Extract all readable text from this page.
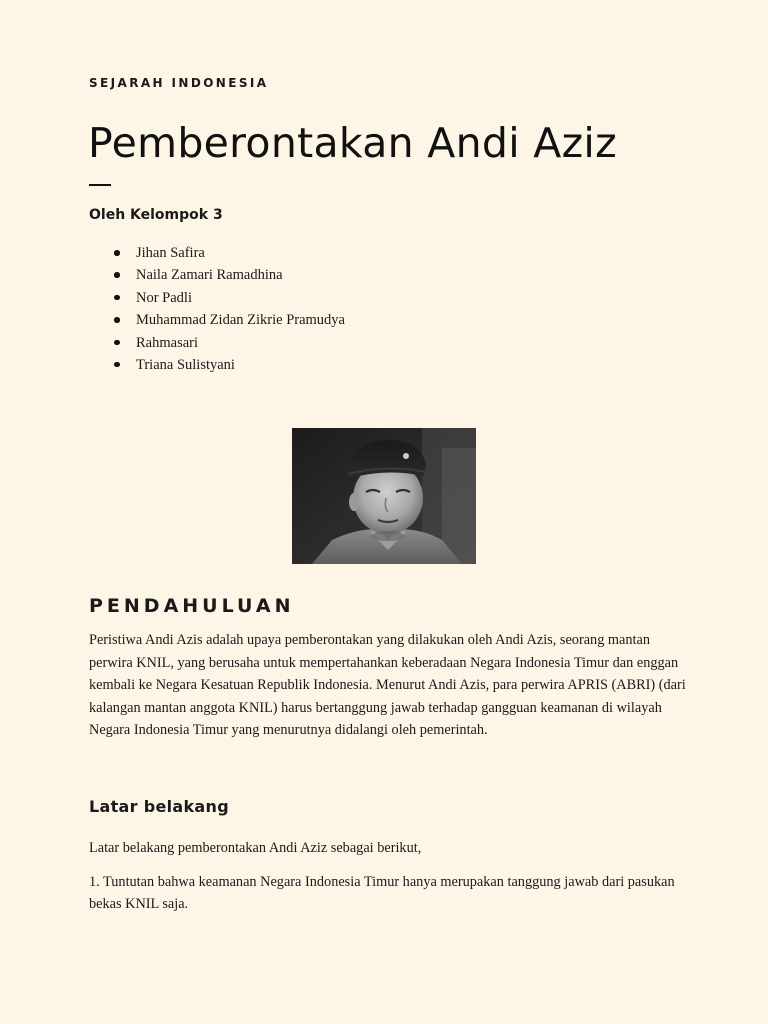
SEJARAH INDONESIA
Pemberontakan Andi Aziz
Oleh Kelompok 3
Jihan Safira
Naila Zamari Ramadhina
Nor Padli
Muhammad Zidan Zikrie Pramudya
Rahmasari
Triana Sulistyani
PENDAHULUAN

Peristiwa Andi Azis adalah upaya pemberontakan yang dilakukan oleh Andi Azis, seorang mantan perwira KNIL, yang berusaha untuk mempertahankan keberadaan Negara Indonesia Timur dan enggan kembali ke Negara Kesatuan Republik Indonesia. Menurut Andi Azis, para perwira APRIS (ABRI) (dari kalangan mantan anggota KNIL) harus bertanggung jawab terhadap gangguan keamanan di wilayah Negara Indonesia Timur yang menurutnya didalangi oleh pemerintah.

Latar belakang

Latar belakang pemberontakan Andi Aziz sebagai berikut,

1. Tuntutan bahwa keamanan Negara Indonesia Timur hanya merupakan tanggung jawab dari pasukan bekas KNIL saja.
